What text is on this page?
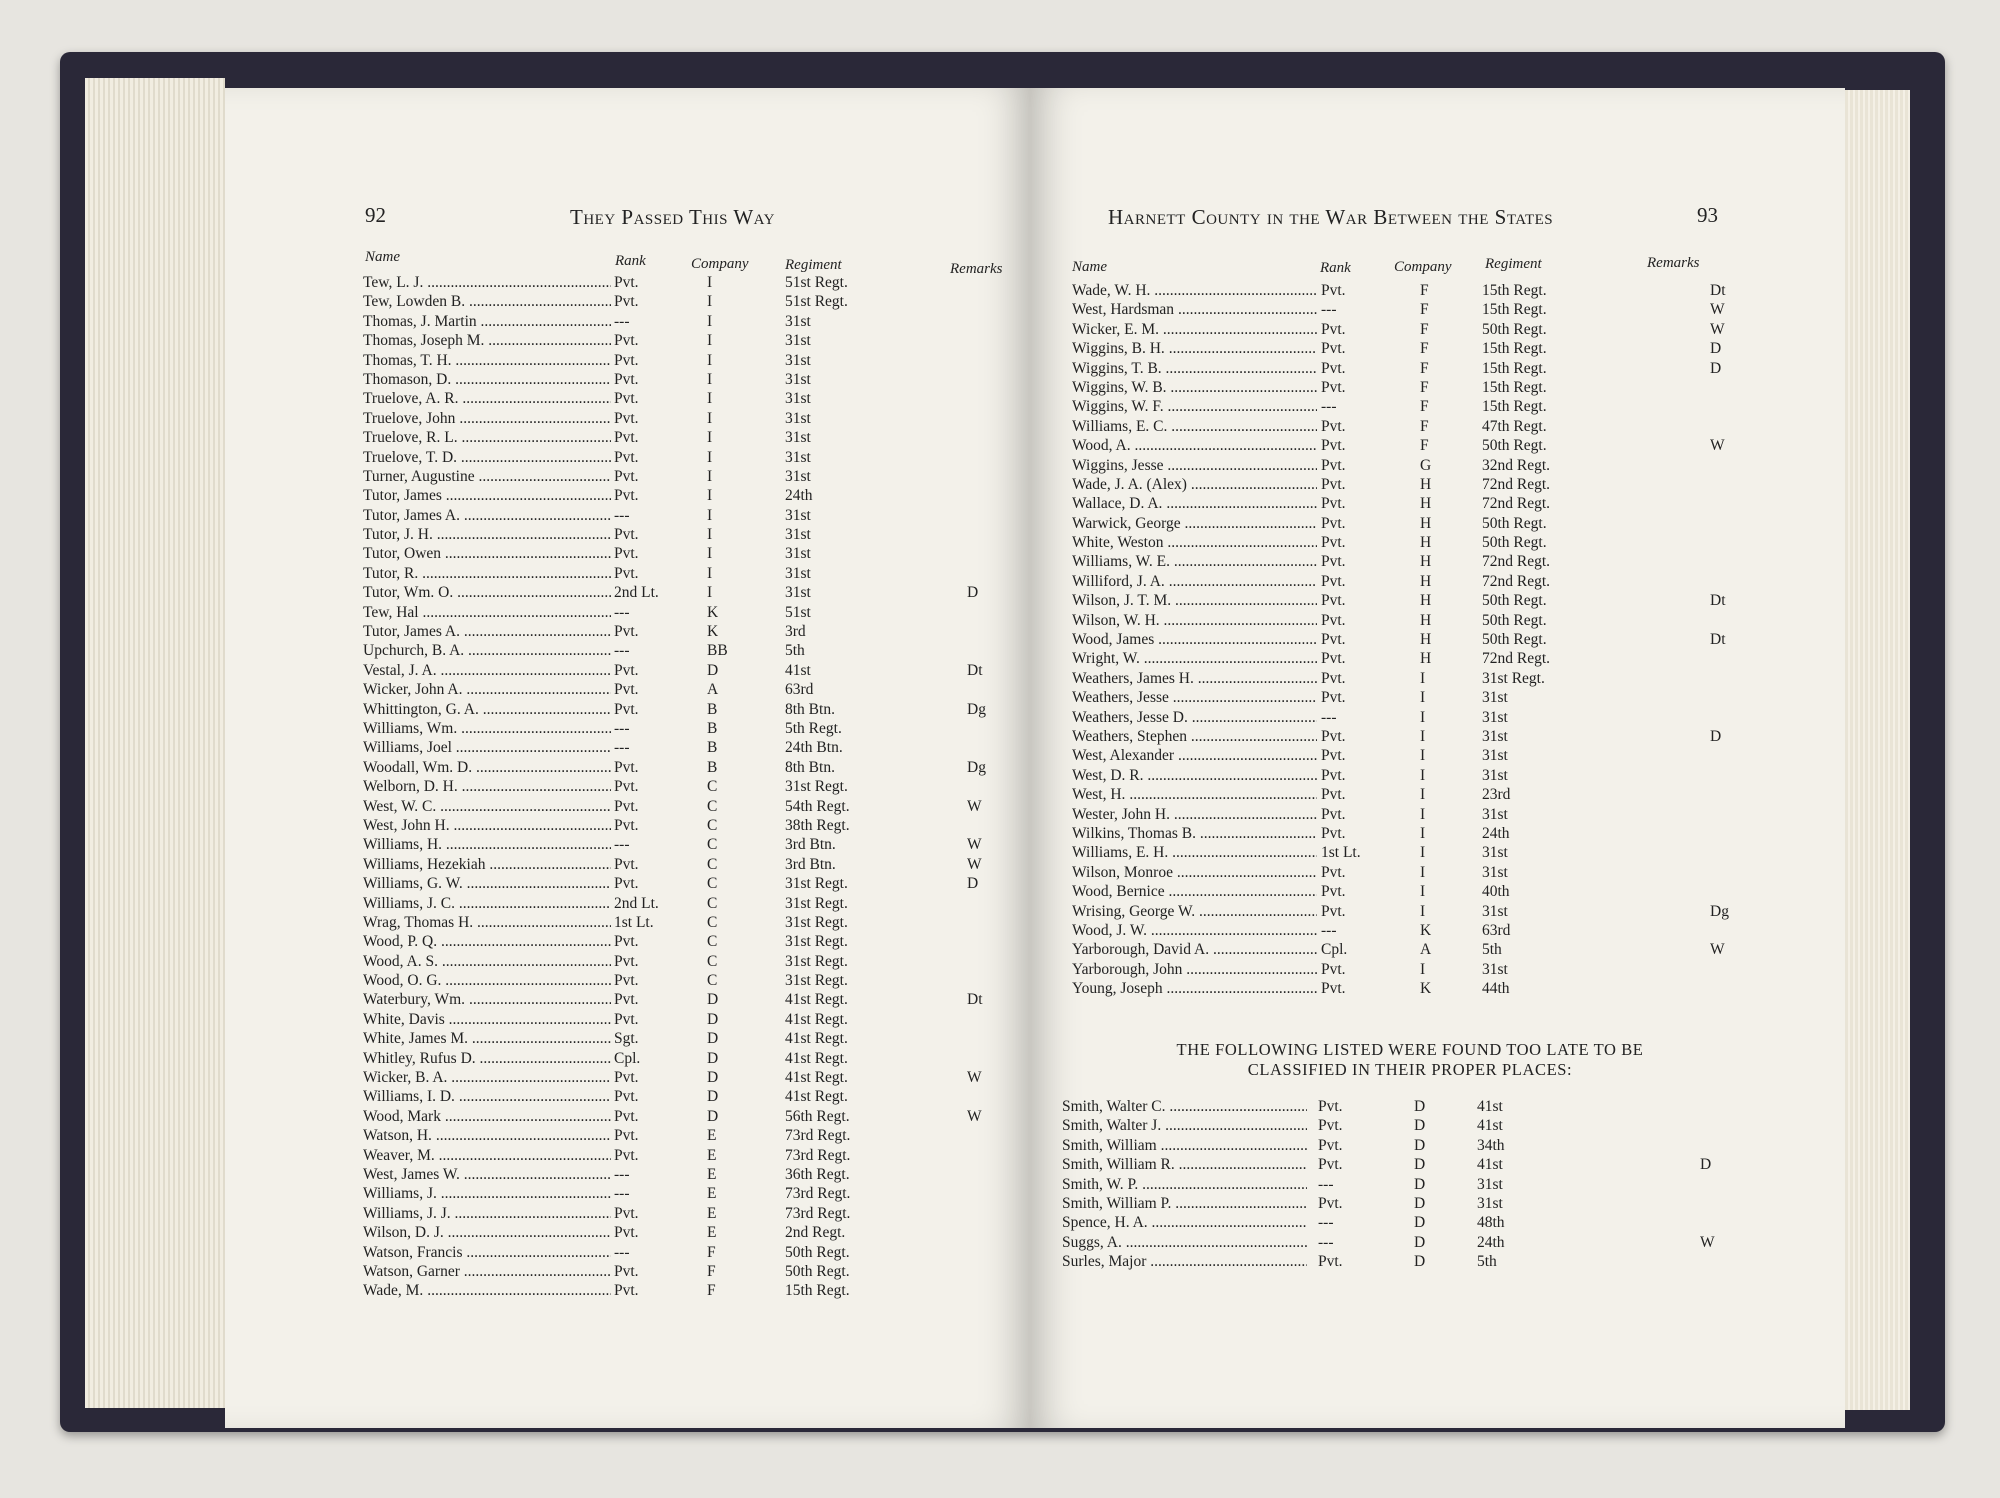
92	They Passed This Way
Name	Rank	Company Regiment	Remarks
Tew, L. J. .....	Pvt.	I	51st Regt.
Tew, Lowden B. .....	Pvt.	I	51st Regt.
Thomas, J. Martin .....	---	I	31st
Thomas, Joseph M. .....	Pvt.	I	31st
Thomas, T. H. .....	Pvt.	I	31st
Thomason, D. .....	Pvt.	I	31st
Truelove, A. R. .....	Pvt.	I	31st
Truelove, John .....	Pvt.	I	31st
Truelove, R. L. .....	Pvt.	I	31st
Truelove, T. D. .....	Pvt.	I	31st
Turner, Augustine .....	Pvt.	I	31st
Tutor, James .....	Pvt.	I	24th
Tutor, James A. .....	---	I	31st
Tutor, J. H. .....	Pvt.	I	31st
Tutor, Owen .....	Pvt.	I	31st
Tutor, R. .....	Pvt.	I	31st
Tutor, Wm. O. .....	2nd Lt.	I	31st	D
Tew, Hal .....	---	K	51st
Tutor, James A. .....	Pvt.	K	3rd
Upchurch, B. A. .....	---	BB	5th
Vestal, J. A. .....	Pvt.	D	41st	Dt
Wicker, John A. .....	Pvt.	A	63rd
Whittington, G. A. .....	Pvt.	B	8th Btn.	Dg
Williams, Wm. .....	---	B	5th Regt.
Williams, Joel .....	---	B	24th Btn.
Woodall, Wm. D. .....	Pvt.	B	8th Btn.	Dg
Welborn, D. H. .....	Pvt.	C	31st Regt.
West, W. C. .....	Pvt.	C	54th Regt.	W
West, John H. .....	Pvt.	C	38th Regt.
Williams, H. .....	---	C	3rd Btn.	W
Williams, Hezekiah .....	Pvt.	C	3rd Btn.	W
Williams, G. W. .....	Pvt.	C	31st Regt.	D
Williams, J. C. .....	2nd Lt.	C	31st Regt.
Wrag, Thomas H. .....	1st Lt.	C	31st Regt.
Wood, P. Q. .....	Pvt.	C	31st Regt.
Wood, A. S. .....	Pvt.	C	31st Regt.
Wood, O. G. .....	Pvt.	C	31st Regt.
Waterbury, Wm. .....	Pvt.	D	41st Regt.	Dt
White, Davis .....	Pvt.	D	41st Regt.
White, James M. .....	Sgt.	D	41st Regt.
Whitley, Rufus D. .....	Cpl.	D	41st Regt.
Wicker, B. A. .....	Pvt.	D	41st Regt.	W
Williams, I. D. .....	Pvt.	D	41st Regt.
Wood, Mark .....	Pvt.	D	56th Regt.	W
Watson, H. .....	Pvt.	E	73rd Regt.
Weaver, M. .....	Pvt.	E	73rd Regt.
West, James W. .....	---	E	36th Regt.
Williams, J. .....	---	E	73rd Regt.
Williams, J. J. .....	Pvt.	E	73rd Regt.
Wilson, D. J. .....	Pvt.	E	2nd Regt.
Watson, Francis .....	---	F	50th Regt.
Watson, Garner .....	Pvt.	F	50th Regt.
Wade, M. .....	Pvt.	F	15th Regt.
Harnett County in the War Between the States	93
Name	Rank	Company Regiment	Remarks
Wade, W. H. .....	Pvt.	F	15th Regt.	Dt
West, Hardsman .....	---	F	15th Regt.	W
Wicker, E. M. .....	Pvt.	F	50th Regt.	W
Wiggins, B. H. .....	Pvt.	F	15th Regt.	D
Wiggins, T. B. .....	Pvt.	F	15th Regt.	D
Wiggins, W. B. .....	Pvt.	F	15th Regt.
Wiggins, W. F. .....	---	F	15th Regt.
Williams, E. C. .....	Pvt.	F	47th Regt.
Wood, A. .....	Pvt.	F	50th Regt.	W
Wiggins, Jesse .....	Pvt.	G	32nd Regt.
Wade, J. A. (Alex) .....	Pvt.	H	72nd Regt.
Wallace, D. A. .....	Pvt.	H	72nd Regt.
Warwick, George .....	Pvt.	H	50th Regt.
White, Weston .....	Pvt.	H	50th Regt.
Williams, W. E. .....	Pvt.	H	72nd Regt.
Williford, J. A. .....	Pvt.	H	72nd Regt.
Wilson, J. T. M. .....	Pvt.	H	50th Regt.	Dt
Wilson, W. H. .....	Pvt.	H	50th Regt.
Wood, James .....	Pvt.	H	50th Regt.	Dt
Wright, W. .....	Pvt.	H	72nd Regt.
Weathers, James H. .....	Pvt.	I	31st Regt.
Weathers, Jesse .....	Pvt.	I	31st
Weathers, Jesse D. .....	---	I	31st
Weathers, Stephen .....	Pvt.	I	31st	D
West, Alexander .....	Pvt.	I	31st
West, D. R. .....	Pvt.	I	31st
West, H. .....	Pvt.	I	23rd
Wester, John H. .....	Pvt.	I	31st
Wilkins, Thomas B. .....	Pvt.	I	24th
Williams, E. H. .....	1st Lt.	I	31st
Wilson, Monroe .....	Pvt.	I	31st
Wood, Bernice .....	Pvt.	I	40th
Wrising, George W. .....	Pvt.	I	31st	Dg
Wood, J. W. .....	---	K	63rd
Yarborough, David A. .....	Cpl.	A	5th	W
Yarborough, John .....	Pvt.	I	31st
Young, Joseph .....	Pvt.	K	44th
THE FOLLOWING LISTED WERE FOUND TOO LATE TO BE
CLASSIFIED IN THEIR PROPER PLACES:
Smith, Walter C. .....	Pvt.	D	41st
Smith, Walter J. .....	Pvt.	D	41st
Smith, William .....	Pvt.	D	34th
Smith, William R. .....	Pvt.	D	41st	D
Smith, W. P. .....	---	D	31st
Smith, William P. .....	Pvt.	D	31st
Spence, H. A. .....	---	D	48th
Suggs, A. .....	---	D	24th	W
Surles, Major .....	Pvt.	D	5th
